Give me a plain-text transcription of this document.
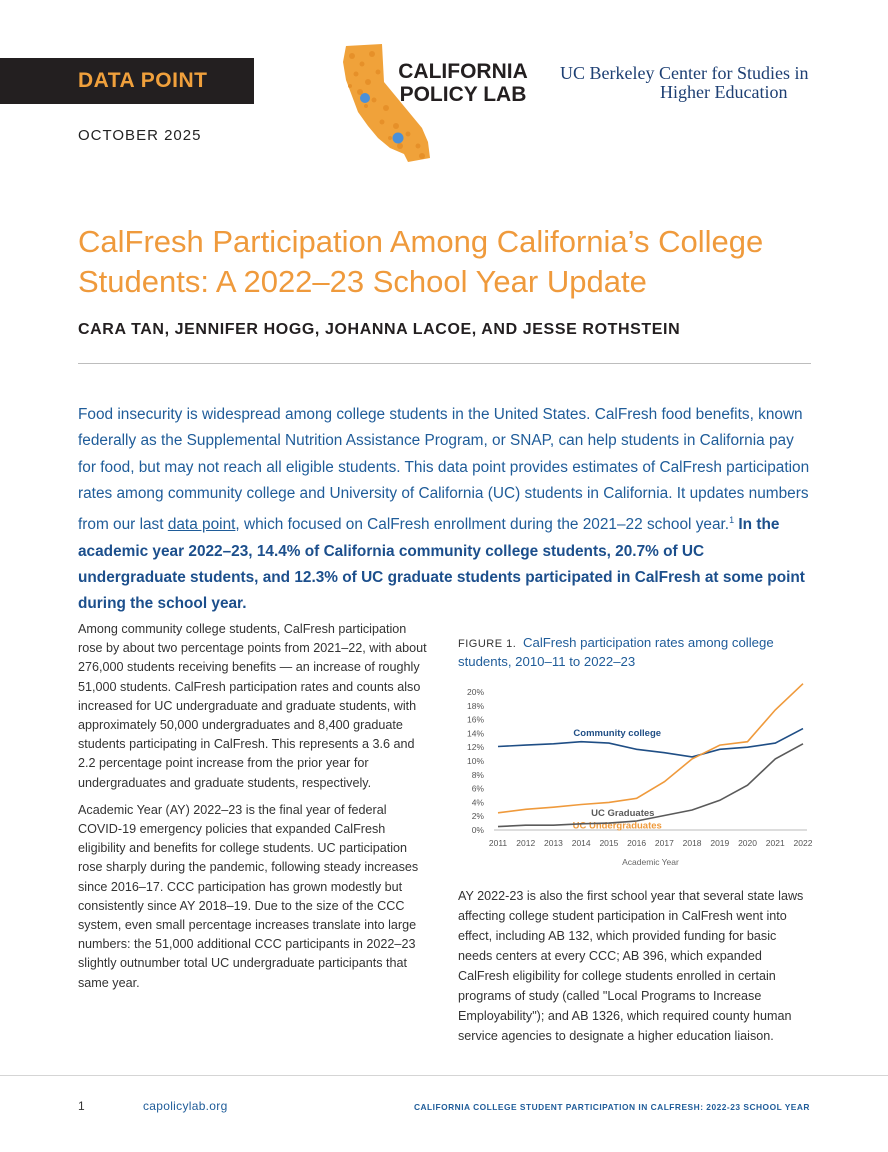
DATA POINT
OCTOBER 2025
CALIFORNIA POLICY LAB
UC Berkeley Center for Studies in
Higher Education
CalFresh Participation Among California’s College Students: A 2022–23 School Year Update
CARA TAN, JENNIFER HOGG, JOHANNA LACOE, AND JESSE ROTHSTEIN

Food insecurity is widespread among college students in the United States. CalFresh food benefits, known federally as the Supplemental Nutrition Assistance Program, or SNAP, can help students in California pay for food, but may not reach all eligible students. This data point provides estimates of CalFresh participation rates among community college and University of California (UC) students in California. It updates numbers from our last data point, which focused on CalFresh enrollment during the 2021–22 school year.$^1$ In the academic year 2022–23, 14.4% of California community college students, 20.7% of UC undergraduate students, and 12.3% of UC graduate students participated in CalFresh at some point during the school year.

Among community college students, CalFresh participation rose by about two percentage points from 2021–22, with about 276,000 students receiving benefits — an increase of roughly 51,000 students. CalFresh participation rates and counts also increased for UC undergraduate and graduate students, with approximately 50,000 undergraduates and 8,400 graduate students participating in CalFresh. This represents a 3.6 and 2.2 percentage point increase from the prior year for undergraduates and graduate students, respectively.

Academic Year (AY) 2022–23 is the final year of federal COVID-19 emergency policies that expanded CalFresh eligibility and benefits for college students. UC participation rose sharply during the pandemic, following steady increases since 2016–17. CCC participation has grown modestly but consistently since AY 2018–19. Due to the size of the CCC system, even small percentage increases translate into large numbers: the 51,000 additional CCC participants in 2022–23 slightly outnumber total UC undergraduate participants that same year.

FIGURE 1. CalFresh participation rates among college students, 2010–11 to 2022–23
0%
2%
4%
6%
8%
10%
12%
14%
16%
18%
20%
2011 2012 2013 2014 2015 2016 2017 2018 2019 2020 2021 2022
Academic Year
Community college
UC Undergraduates
UC Graduates

AY 2022-23 is also the first school year that several state laws affecting college student participation in CalFresh went into effect, including AB 132, which provided funding for basic needs centers at every CCC; AB 396, which expanded CalFresh eligibility for college students enrolled in certain programs of study (called "Local Programs to Increase Employability"); and AB 1326, which required county human service agencies to designate a higher education liaison.

1	capolicylab.org	CALIFORNIA COLLEGE STUDENT PARTICIPATION IN CALFRESH: 2022-23 SCHOOL YEAR
